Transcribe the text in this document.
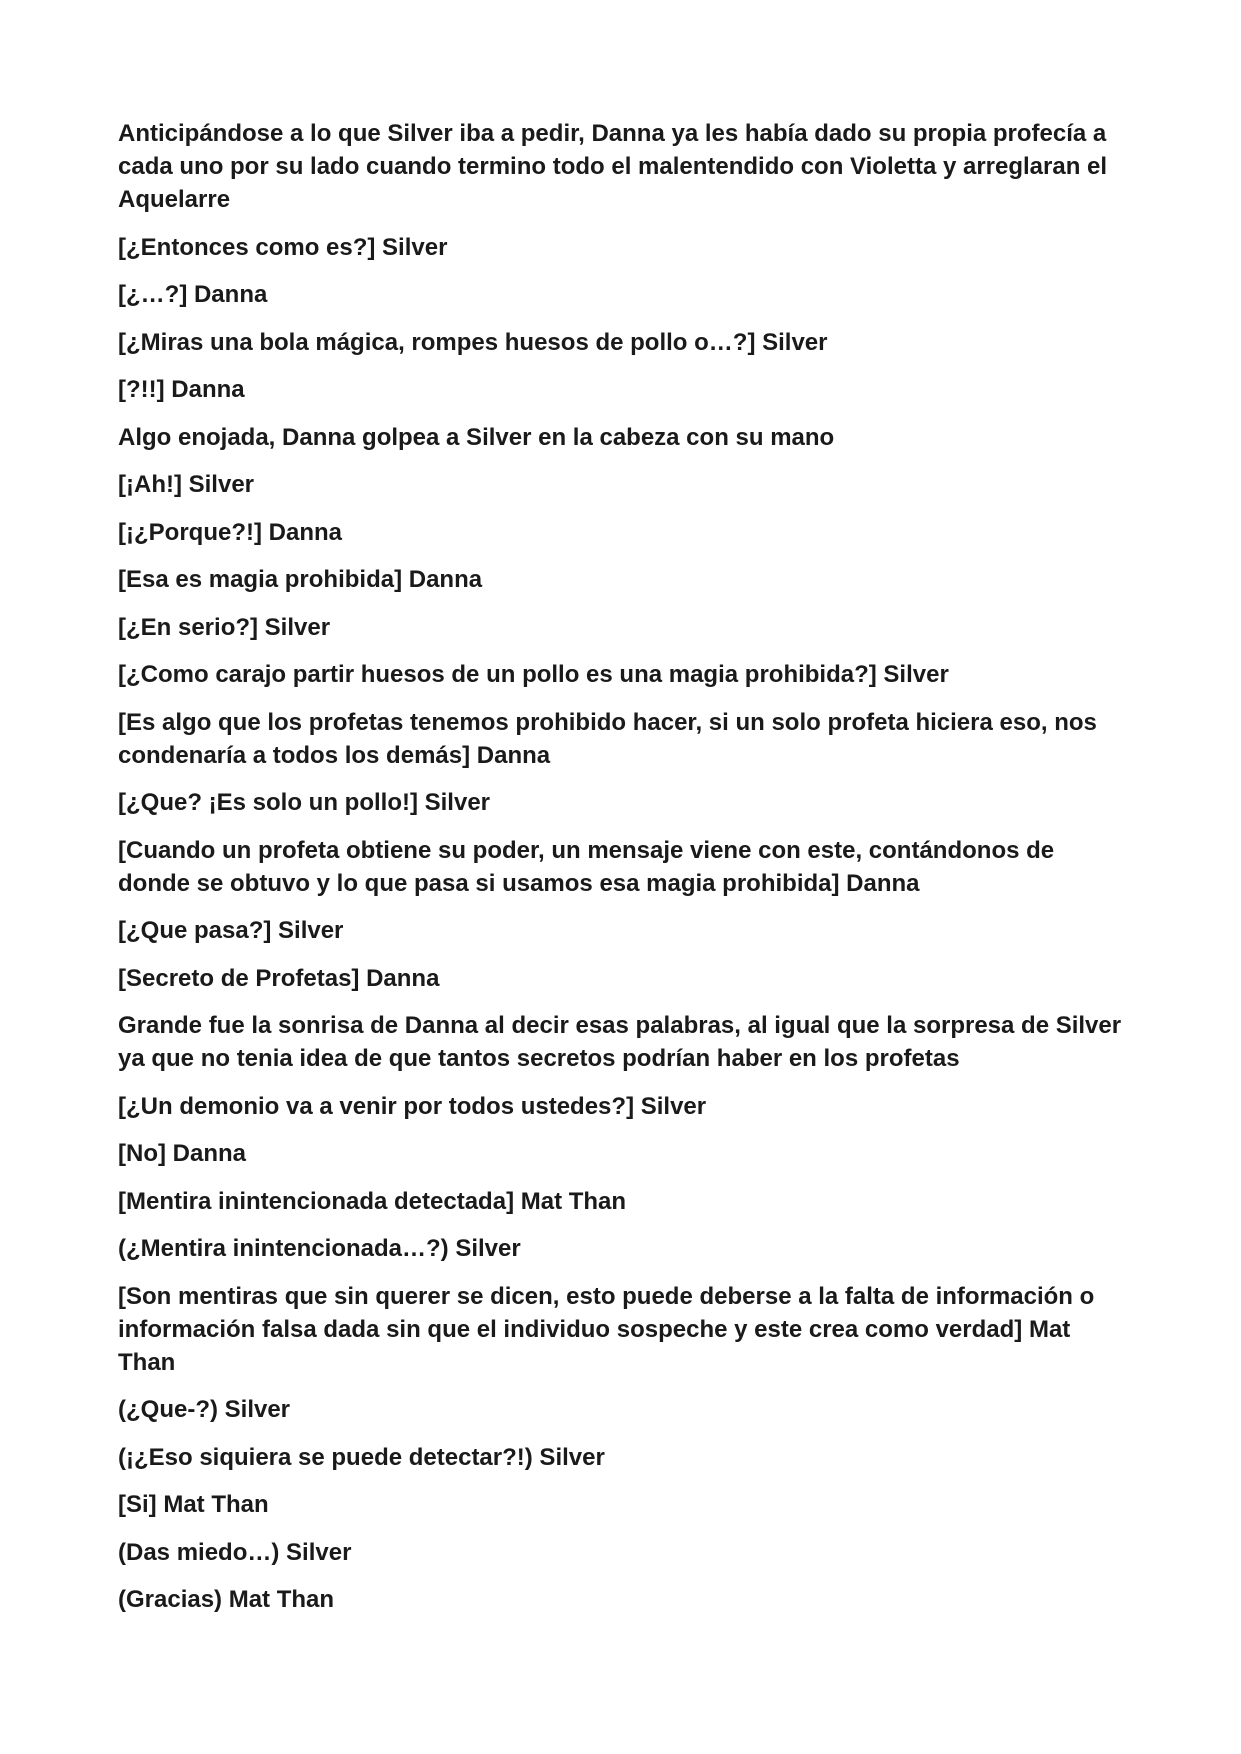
Anticipándose a lo que Silver iba a pedir, Danna ya les había dado su propia profecía a cada uno por su lado cuando termino todo el malentendido con Violetta y arreglaran el Aquelarre

[¿Entonces como es?] Silver

[¿…?] Danna

[¿Miras una bola mágica, rompes huesos de pollo o…?] Silver

[?!!] Danna

Algo enojada, Danna golpea a Silver en la cabeza con su mano

[¡Ah!] Silver

[¡¿Porque?!] Danna

[Esa es magia prohibida] Danna

[¿En serio?] Silver

[¿Como carajo partir huesos de un pollo es una magia prohibida?] Silver

[Es algo que los profetas tenemos prohibido hacer, si un solo profeta hiciera eso, nos condenaría a todos los demás] Danna

[¿Que? ¡Es solo un pollo!] Silver

[Cuando un profeta obtiene su poder, un mensaje viene con este, contándonos de donde se obtuvo y lo que pasa si usamos esa magia prohibida] Danna

[¿Que pasa?] Silver

[Secreto de Profetas] Danna

Grande fue la sonrisa de Danna al decir esas palabras, al igual que la sorpresa de Silver ya que no tenia idea de que tantos secretos podrían haber en los profetas

[¿Un demonio va a venir por todos ustedes?] Silver

[No] Danna

[Mentira inintencionada detectada] Mat Than

(¿Mentira inintencionada…?) Silver

[Son mentiras que sin querer se dicen, esto puede deberse a la falta de información o información falsa dada sin que el individuo sospeche y este crea como verdad] Mat Than

(¿Que-?) Silver

(¡¿Eso siquiera se puede detectar?!) Silver

[Si] Mat Than

(Das miedo…) Silver

(Gracias) Mat Than
